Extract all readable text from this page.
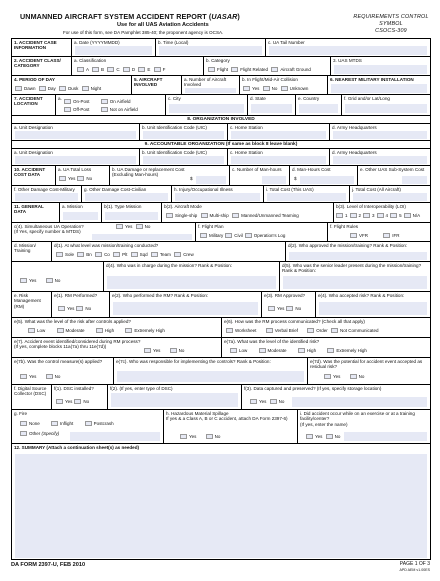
UNMANNED AIRCRAFT SYSTEM ACCIDENT REPORT (UASAR)
Use for all UAS Aviation Accidents
For use of this form, see DA Pamphlet 385-40; the proponent agency is OCSA.
REQUIREMENTS CONTROL SYMBOL
CSOCS-309
1. ACCIDENT CASE INFORMATION
a. Date (YYYYMMDD)	b. Time (Local)	c. UA Tail Number
2. ACCIDENT CLASS/ CATEGORY
a. Classification
A	B	C	D	E	F
b. Category
Flight	Flight Related	Aircraft Ground
3. UAS MTDS
4. PERIOD OF DAY
Dawn	Day	Dusk	Night
5. AIRCRAFT INVOLVED
a. Number of Aircraft Involved
b. In Flight/Mid-Air Collision
Yes	No	Unknown
6. NEAREST MILITARY INSTALLATION
7. ACCIDENT LOCATION
a.
On-Post	On Airfield
Off-Post	Not on Airfield
c. City	d. State	e. Country	f. Grid and/or Lat/Long
8. ORGANIZATION INVOLVED
a. Unit Designation	b. Unit Identification Code (UIC)	c. Home Station	d. Army Headquarters
9. ACCOUNTABLE ORGANIZATION (If same as block 8 leave blank)
a. Unit Designation	b. Unit Identification Code (UIC)	c. Home Station	d. Army Headquarters
10. ACCIDENT COST DATA
a. UA Total Loss
Yes No
b. UA Damage or replacement Cost
(Excluding Man-hours)
$
c. Number of Man-hours	d. Man-Hours Cost
$
e. Other UAS Sub-System Cost
f. Other Damage Cost-Military	g. Other Damage Cost-Civilian	h. Injury/Occupational Illness	i. Total Cost (This UAS)	j. Total Cost (All Aircraft)
11. GENERAL DATA
a. Mission	b(1). Type Mission	b(2). Aircraft Mode
Single-ship	Multi-ship	Manned/Unmanned Teaming
b(3). Level of Interoperability (LOI)
1 2 3 4 5 N/A
c(4). Simultaneous UA Operation?
(If Yes, specify number & MTDS)
Yes	No	f. Flight Plan
Military Civil Operation's Log
f. Flight Rules
VFR	IFR
d. Mission/ Training
d(1). At what level was mission/training conducted?
Sole	Bn	Co	Plt	Sqd	Team	Crew
d(2). Who approved the mission/training? Rank & Position:
Yes	No
d(4). Who was in charge during the mission? Rank & Position:	d(5). Who was the senior leader present during the mission/training? Rank & Position:
e. Risk Management (RM)
e(1). RM Performed?
Yes No
e(2). Who performed the RM? Rank & Position:	e(3). RM Approved?
Yes No
e(4). Who accepted risk? Rank & Position:
e(5). What was the level of the risk after controls applied?
Low	Moderate	High	Extremely High
e(6). How was the RM process communicated? (Check all that apply)
Worksheet	Verbal Brief	Order	Not Communicated
e(7). Accident event identified/considered during RM process?
(If yes, complete blocks 11a(7a) thru 11e(7d))
Yes	No
e(7a). What was the level of the identified risk?
Low	Moderate	High	Extremely High
e(7b). Was the control measure(s) applied?
Yes	No
e(7c). Who was responsible for implementing the controls? Rank & Position:	e(7d). Was the potential for accident event accepted as residual risk?
Yes	No
f. Digital Source Collector (DSC)
f(1). DSC installed?
Yes No
f(2). (If yes, enter type of DSC)	f(3). Data captured and preserved? (If yes, specify storage location)
Yes	No
g. Fire
None	Inflight	Postcrash
Other (Specify)
h. Hazardous Material Spillage
If yes & a Class A, B or C accident, attach DA Form 2397-6)
Yes	No
i. Did accident occur while on an exercise or at a training facility/center?
(If yes, enter the name)
Yes	No
12. SUMMARY (Attach a continuation sheet(s) as needed)
DA FORM 2397-U, FEB 2010	PAGE 1 OF 3
APD AEM v1.00ES
